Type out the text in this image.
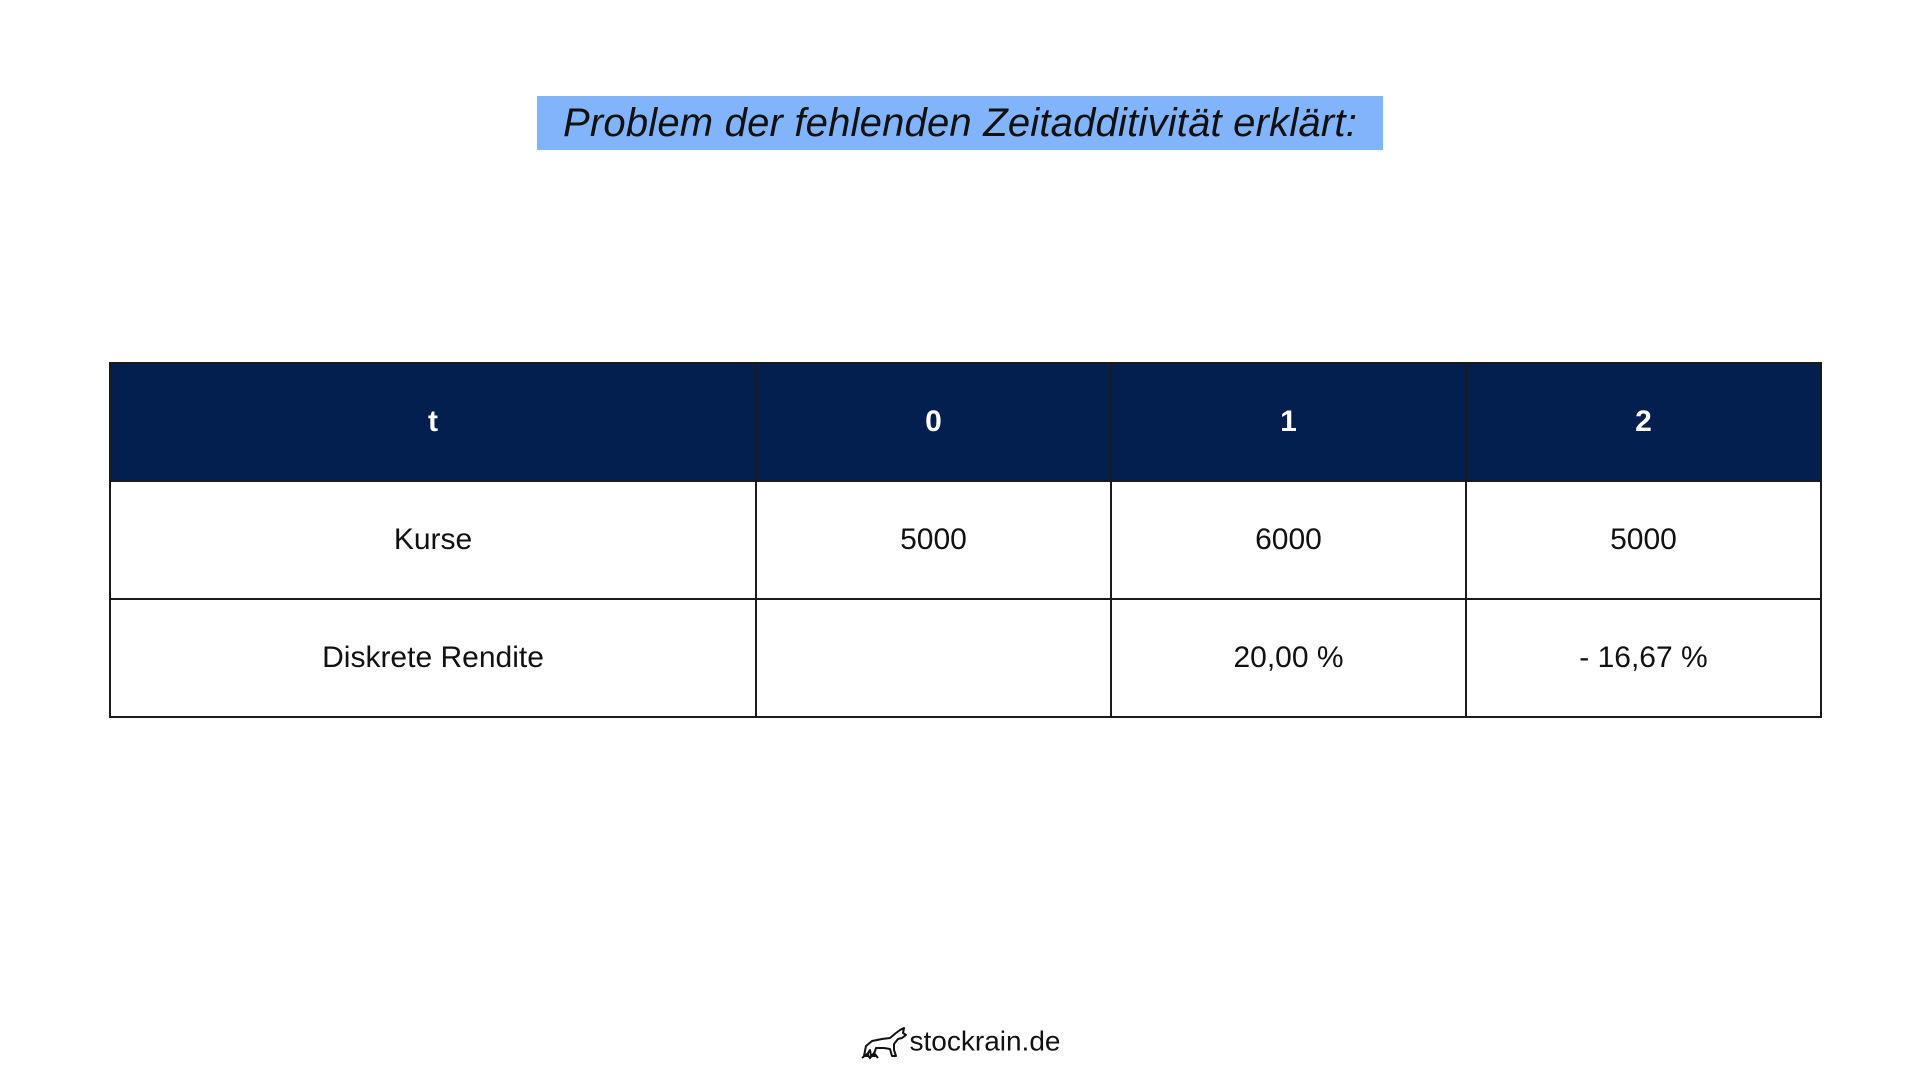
Problem der fehlenden Zeitadditivität erklärt:
t	0	1	2
Kurse	5000	6000	5000
Diskrete Rendite		20,00 %	- 16,67 %
stockrain.de
